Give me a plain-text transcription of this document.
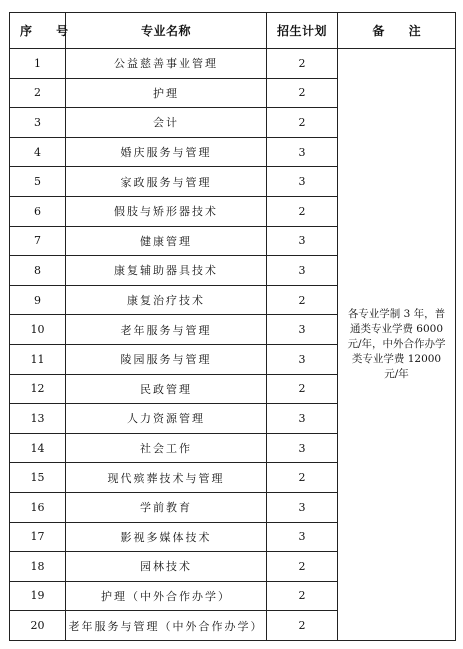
序 号	专业名称	招生计划	备 注
1	公益慈善事业管理	2	各专业学制 3 年，普通类专业学费 6000 元/年，中外合作办学类专业学费 12000 元/年
2	护理	2	
3	会计	2	
4	婚庆服务与管理	3	
5	家政服务与管理	3	
6	假肢与矫形器技术	2	
7	健康管理	3	
8	康复辅助器具技术	3	
9	康复治疗技术	2	
10	老年服务与管理	3	
11	陵园服务与管理	3	
12	民政管理	2	
13	人力资源管理	3	
14	社会工作	3	
15	现代殡葬技术与管理	2	
16	学前教育	3	
17	影视多媒体技术	3	
18	园林技术	2	
19	护理（中外合作办学）	2	
20	老年服务与管理（中外合作办学）	2	
